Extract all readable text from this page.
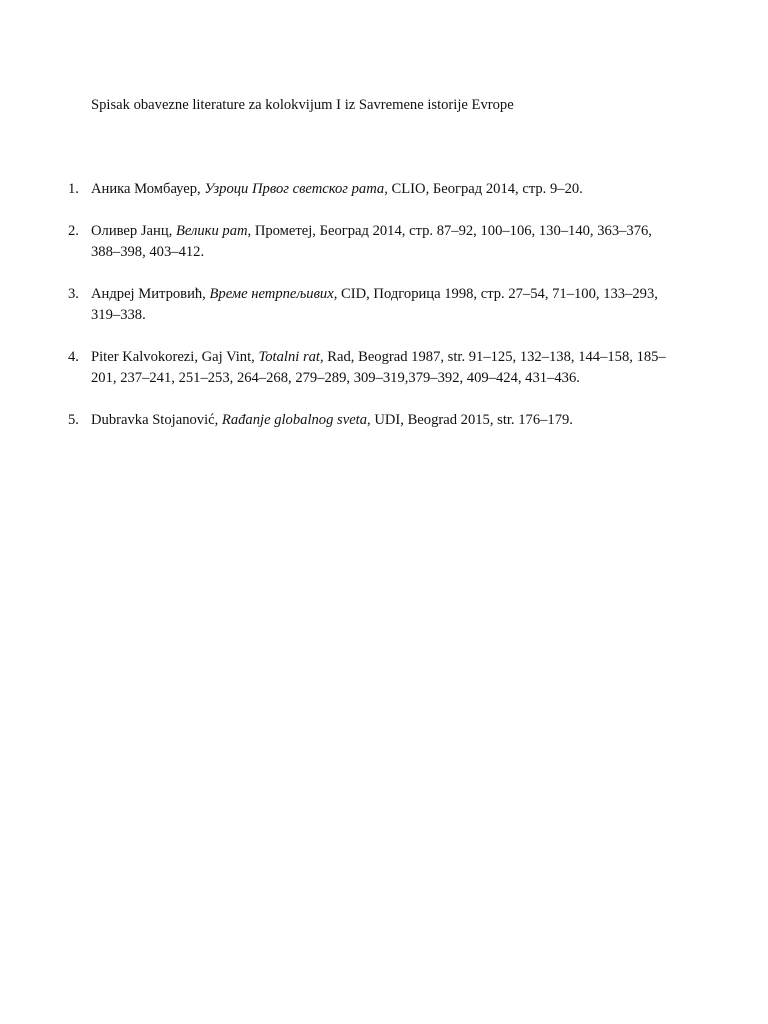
Spisak obavezne literature za kolokvijum I iz Savremene istorije Evrope
1. Аника Момбауер, Узроци Првог светског рата, CLIO, Београд 2014, стр. 9–20.
2. Оливер Јанц, Велики рат, Прометеј, Београд 2014, стр. 87–92, 100–106, 130–140, 363–376, 388–398, 403–412.
3. Андреј Митровић, Време нетрпељивих, CID, Подгорица 1998, стр. 27–54, 71–100, 133–293, 319–338.
4. Piter Kalvokorezi, Gaj Vint, Totalni rat, Rad, Beograd 1987, str. 91–125, 132–138, 144–158, 185–201, 237–241, 251–253, 264–268, 279–289, 309–319,379–392, 409–424, 431–436.
5. Dubravka Stojanović, Rađanje globalnog sveta, UDI, Beograd 2015, str. 176–179.
